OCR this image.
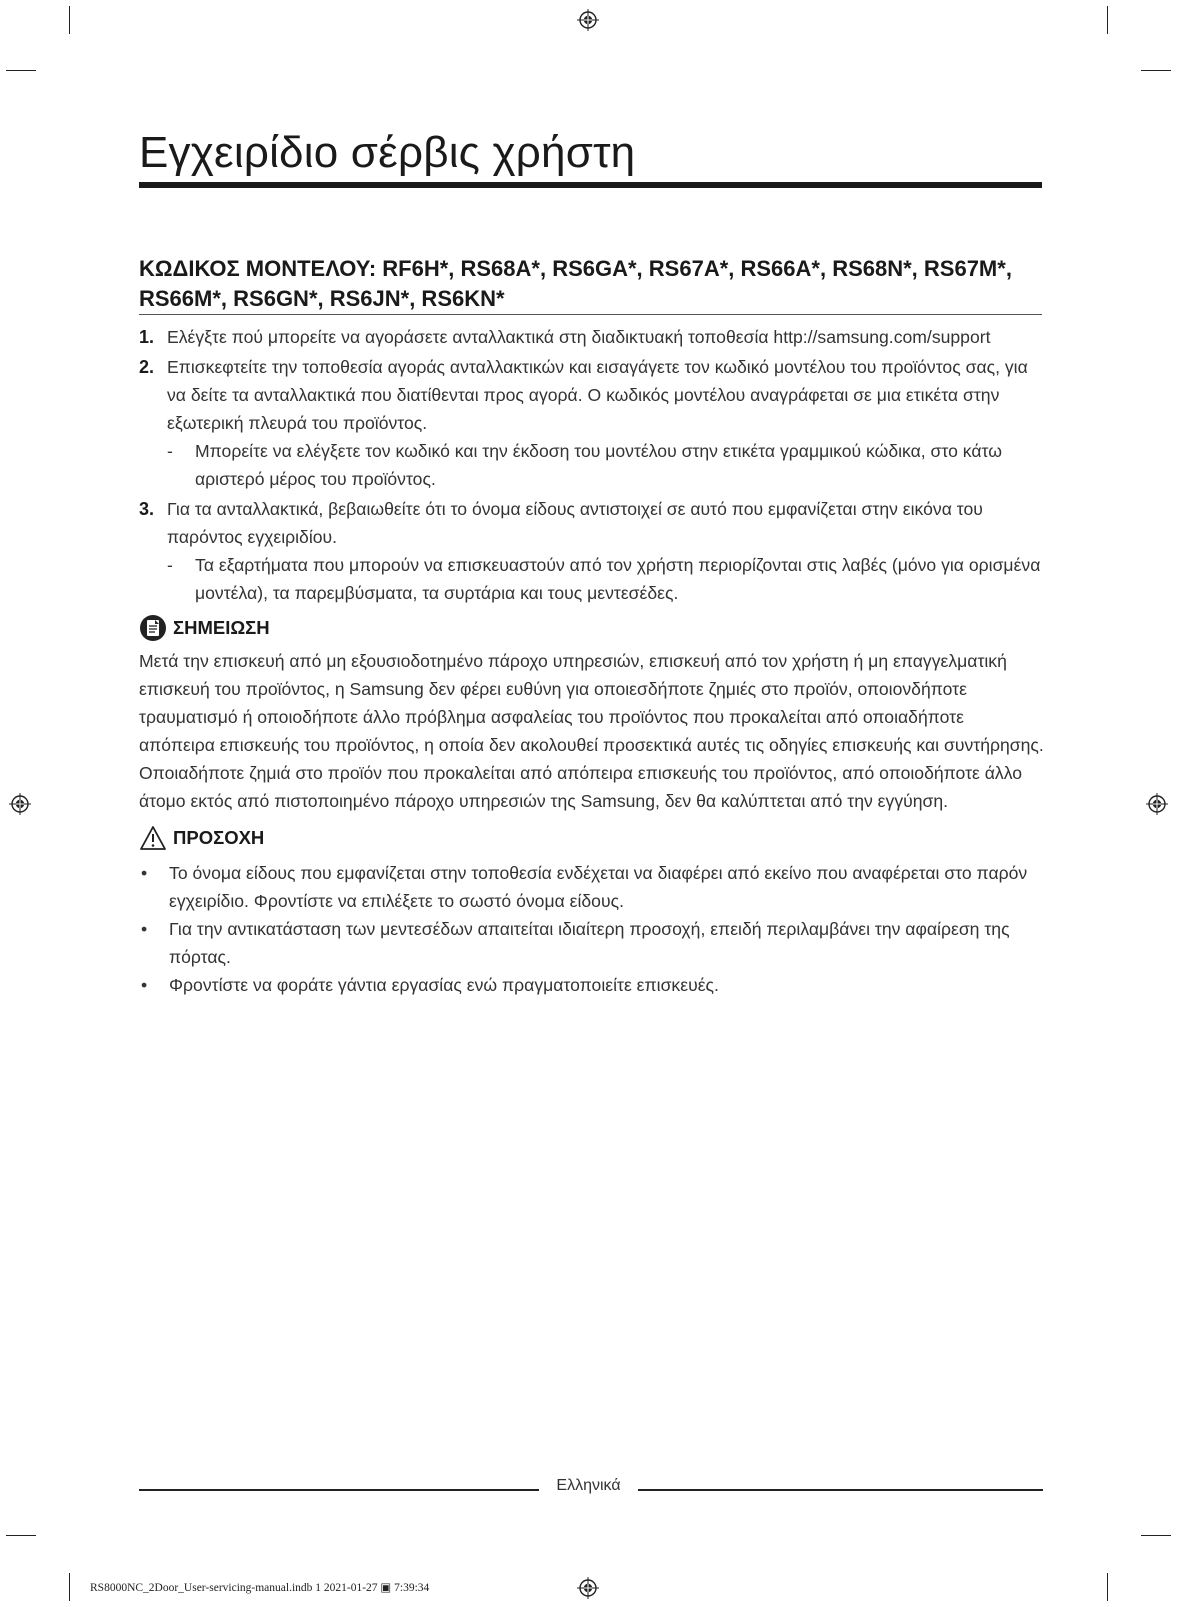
Εγχειρίδιο σέρβις χρήστη
ΚΩΔΙΚΟΣ ΜΟΝΤΕΛΟΥ: RF6H*, RS68A*, RS6GA*, RS67A*, RS66A*, RS68N*, RS67M*, RS66M*, RS6GN*, RS6JN*, RS6KN*
1. Ελέγξτε πού μπορείτε να αγοράσετε ανταλλακτικά στη διαδικτυακή τοποθεσία http://samsung.com/support
2. Επισκεφτείτε την τοποθεσία αγοράς ανταλλακτικών και εισαγάγετε τον κωδικό μοντέλου του προϊόντος σας, για να δείτε τα ανταλλακτικά που διατίθενται προς αγορά. Ο κωδικός μοντέλου αναγράφεται σε μια ετικέτα στην εξωτερική πλευρά του προϊόντος.
- Μπορείτε να ελέγξετε τον κωδικό και την έκδοση του μοντέλου στην ετικέτα γραμμικού κώδικα, στο κάτω αριστερό μέρος του προϊόντος.
3. Για τα ανταλλακτικά, βεβαιωθείτε ότι το όνομα είδους αντιστοιχεί σε αυτό που εμφανίζεται στην εικόνα του παρόντος εγχειριδίου.
- Τα εξαρτήματα που μπορούν να επισκευαστούν από τον χρήστη περιορίζονται στις λαβές (μόνο για ορισμένα μοντέλα), τα παρεμβύσματα, τα συρτάρια και τους μεντεσέδες.
ΣΗΜΕΙΩΣΗ

Μετά την επισκευή από μη εξουσιοδοτημένο πάροχο υπηρεσιών, επισκευή από τον χρήστη ή μη επαγγελματική επισκευή του προϊόντος, η Samsung δεν φέρει ευθύνη για οποιεσδήποτε ζημιές στο προϊόν, οποιονδήποτε τραυματισμό ή οποιοδήποτε άλλο πρόβλημα ασφαλείας του προϊόντος που προκαλείται από οποιαδήποτε απόπειρα επισκευής του προϊόντος, η οποία δεν ακολουθεί προσεκτικά αυτές τις οδηγίες επισκευής και συντήρησης. Οποιαδήποτε ζημιά στο προϊόν που προκαλείται από απόπειρα επισκευής του προϊόντος, από οποιοδήποτε άλλο άτομο εκτός από πιστοποιημένο πάροχο υπηρεσιών της Samsung, δεν θα καλύπτεται από την εγγύηση.

ΠΡΟΣΟΧΗ
• Το όνομα είδους που εμφανίζεται στην τοποθεσία ενδέχεται να διαφέρει από εκείνο που αναφέρεται στο παρόν εγχειρίδιο. Φροντίστε να επιλέξετε το σωστό όνομα είδους.
• Για την αντικατάσταση των μεντεσέδων απαιτείται ιδιαίτερη προσοχή, επειδή περιλαμβάνει την αφαίρεση της πόρτας.
• Φροντίστε να φοράτε γάντια εργασίας ενώ πραγματοποιείτε επισκευές.
Ελληνικά
RS8000NC_2Door_User-servicing-manual.indb 1 2021-01-27 ▣ 7:39:34
